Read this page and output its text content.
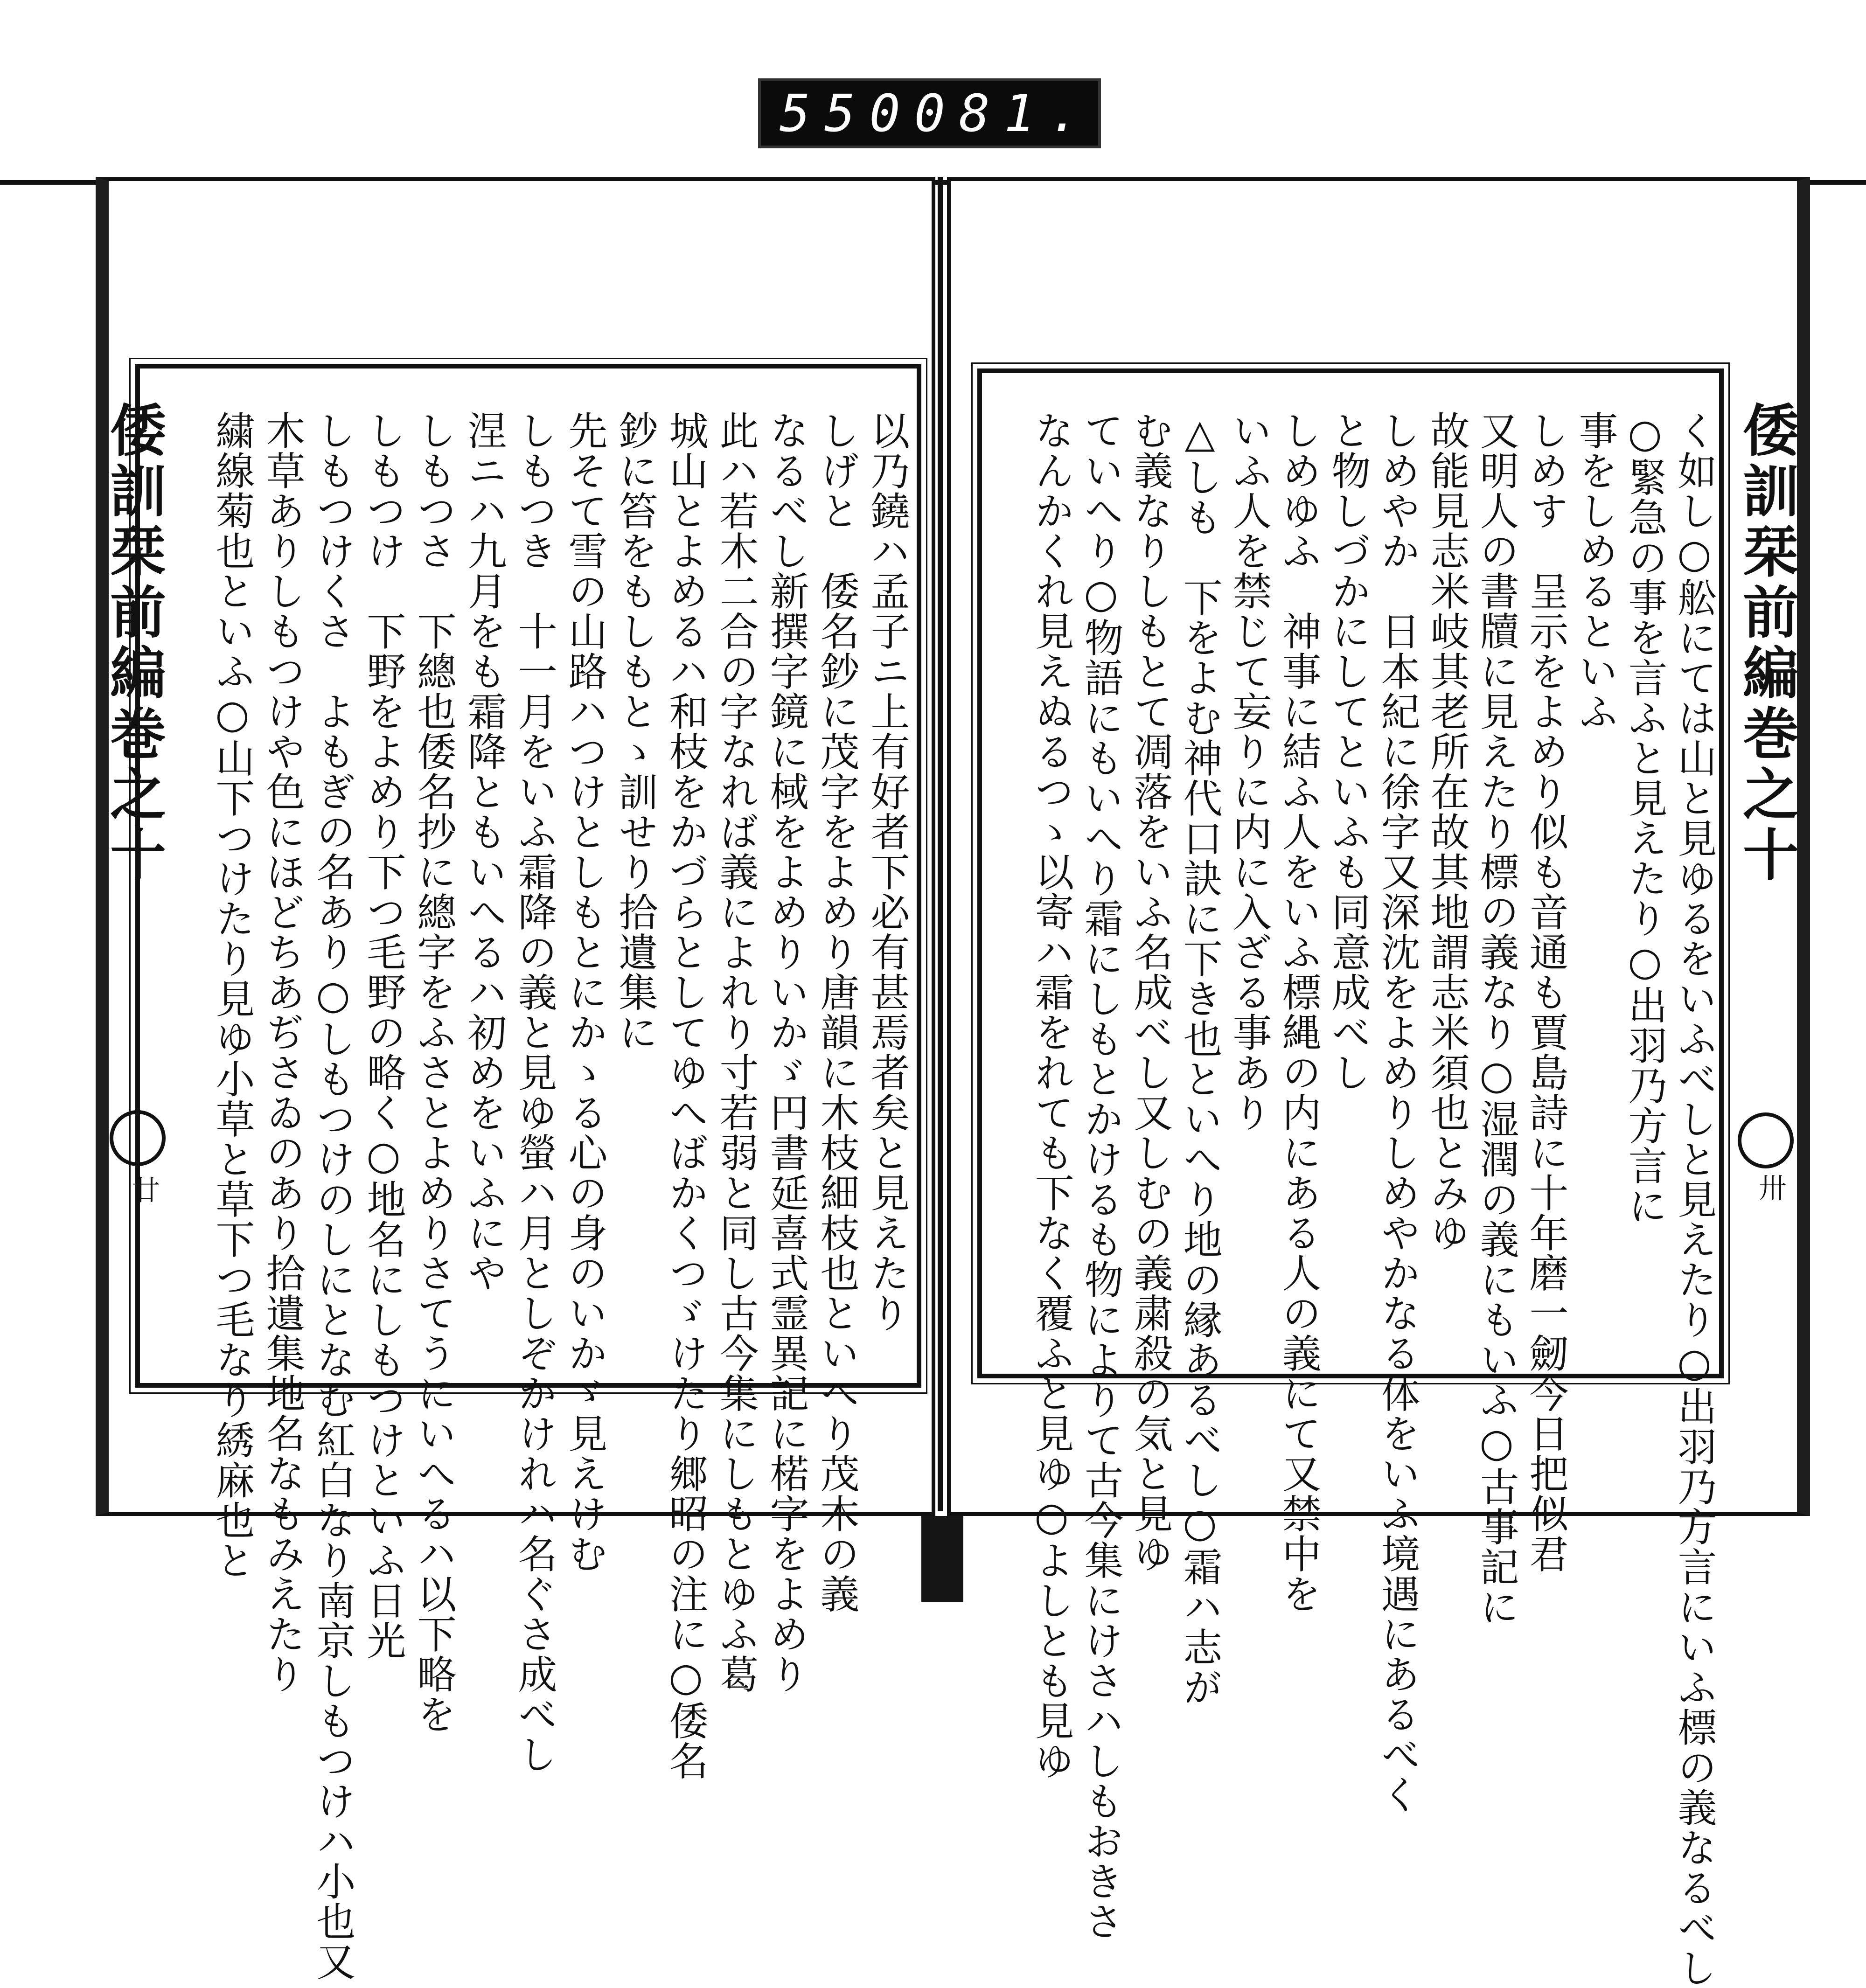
550 081.
倭訓栞前編巻之十
廿	以乃鐃ハ孟子ニ上有好者下必有甚焉者矣と見えたり
しげと　倭名鈔に茂字をよめり唐韻に木枝細枝也といへり茂木の義
なるべし新撰字鏡に棫をよめりいかゞ円書延喜式霊異記に楉字をよめり
此ハ若木二合の字なれば義によれり寸若弱と同し古今集にしもとゆふ葛
城山とよめるハ和枝をかづらとしてゆへばかくつゞけたり郷昭の注に○倭名
鈔に笞をもしもとゝ訓せり拾遺集に
先そて雪の山路ハつけとしもとにかゝる心の身のいかゞ見えけむ
しもつき　十一月をいふ霜降の義と見ゆ螢ハ月としぞかけれハ名ぐさ成べし
涅ニハ九月をも霜降ともいへるハ初めをいふにや
しもつさ　下總也倭名抄に總字をふさとよめりさてうにいへるハ以下略を
しもつけ　下野をよめり下つ毛野の略く○地名にしもつけといふ日光
しもつけくさ　よもぎの名あり○しもつけのしにとなむ紅白なり南京しもつけハ小也又
木草ありしもつけや色にほどちあぢさゐのあり拾遺集地名なもみえたり
繍線菊也といふ○山下つけたり見ゆ小草と草下つ毛なり綉麻也と	倭訓栞前編巻之十
卅
く如し○舩にては山と見ゆるをいふべしと見えたり○出羽乃方言にいふ標の義なるべし
○緊急の事を言ふと見えたり○出羽乃方言に
事をしめるといふ
しめす　呈示をよめり似も音通も賈島詩に十年磨一劒今日把似君
又明人の書牘に見えたり標の義なり○湿潤の義にもいふ○古事記に
故能見志米岐其老所在故其地謂志米須也とみゆ
しめやか　日本紀に徐字又深沈をよめりしめやかなる体をいふ境遇にあるべく
と物しづかにしてといふも同意成べし
しめゆふ　神事に結ふ人をいふ標縄の内にある人の義にて又禁中を
いふ人を禁じて妄りに内に入ざる事あり
△しも　下をよむ神代口訣に下き也といへり地の縁あるべし○霜ハ志が
む義なりしもとて凋落をいふ名成べし又しむの義粛殺の気と見ゆ
ていへり○物語にもいへり霜にしもとかけるも物によりて古今集にけさハしもおきさ
なんかくれ見えぬるつゝ以寄ハ霜をれても下なく覆ふと見ゆ○よしとも見ゆ
